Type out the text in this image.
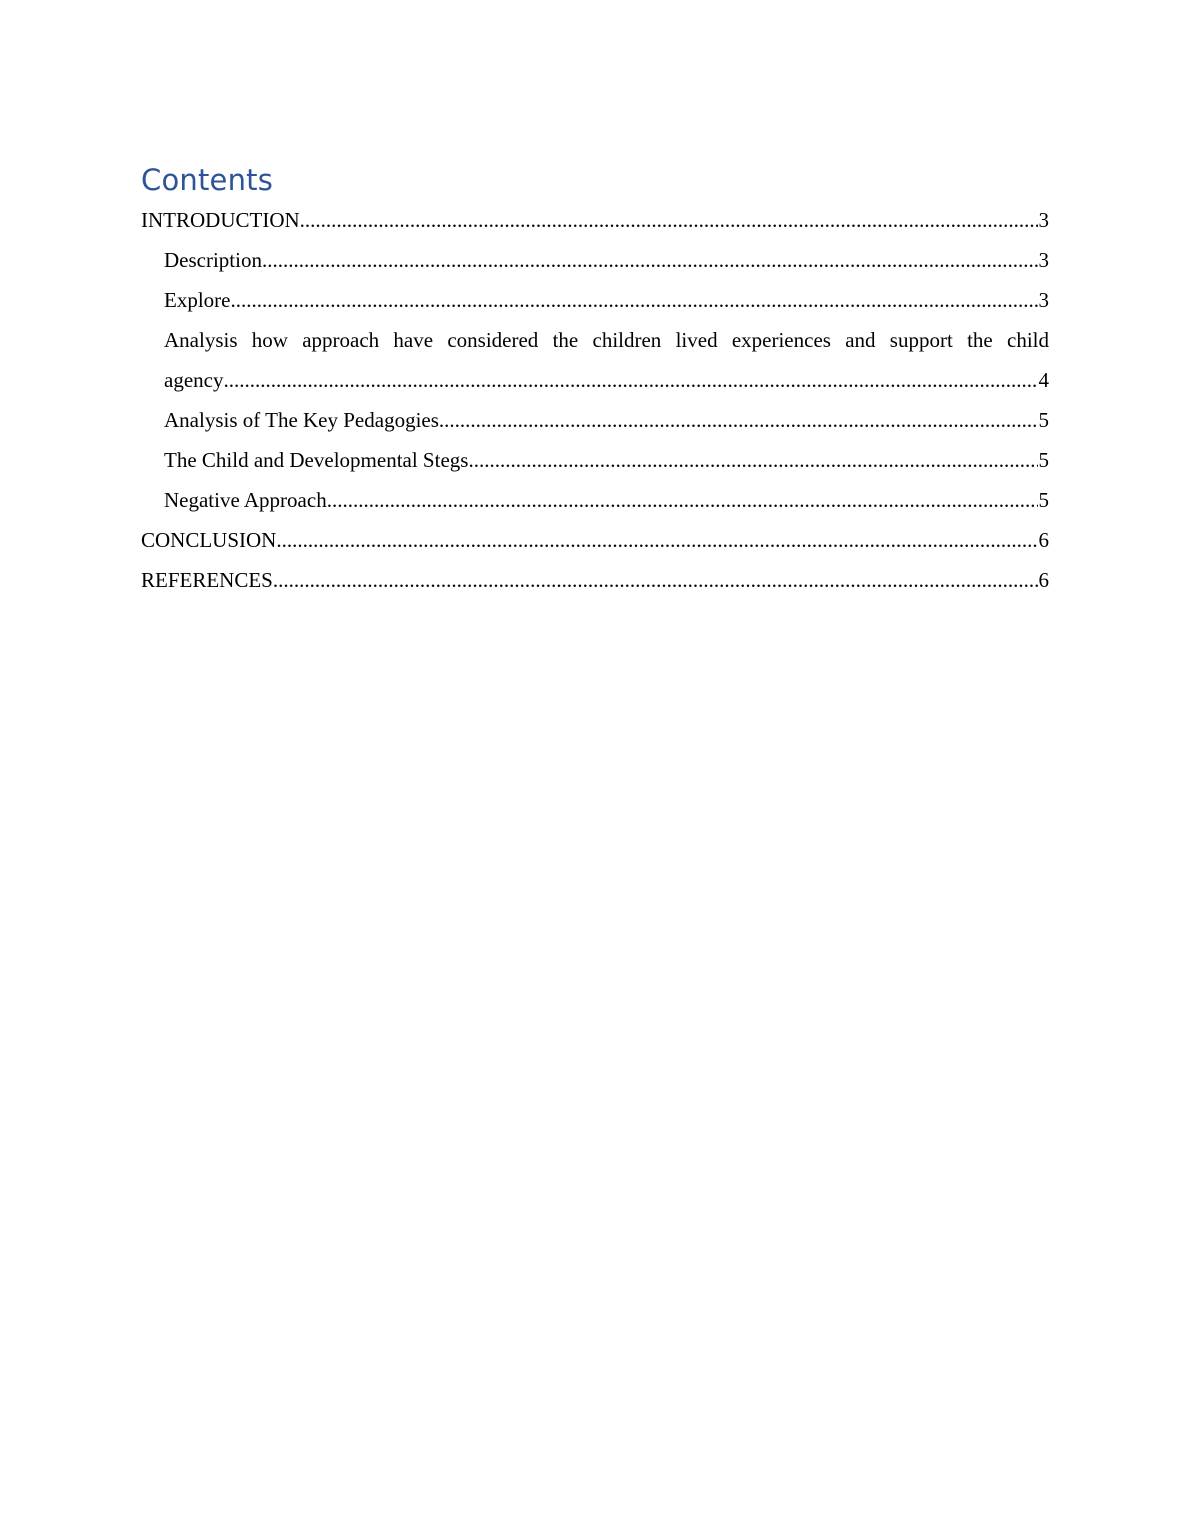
Contents
INTRODUCTION .....	3
Description .....	3
Explore .....	3
Analysis how approach have considered the children lived experiences and support the child
agency .....	4
Analysis of The Key Pedagogies .....	5
The Child and Developmental Stegs .....	5
Negative Approach .....	5
CONCLUSION .....	6
REFERENCES .....	6
